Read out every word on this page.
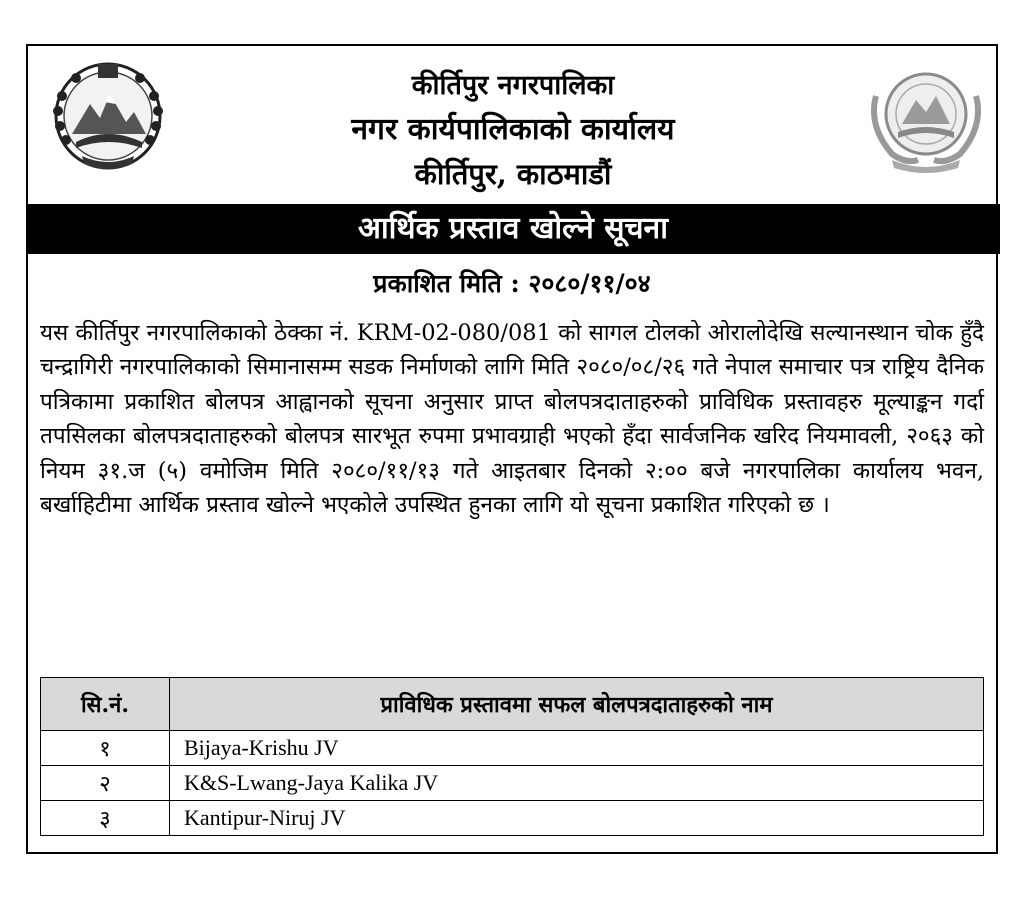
कीर्तिपुर नगरपालिका
नगर कार्यपालिकाको कार्यालय
कीर्तिपुर, काठमाडौं
आर्थिक प्रस्ताव खोल्ने सूचना
प्रकाशित मिति : २०८०/११/०४
यस कीर्तिपुर नगरपालिकाको ठेक्का नं. KRM-02-080/081 को सागल टोलको ओरालोदेखि सल्यानस्थान चोक हुँदै चन्द्रागिरी नगरपालिकाको सिमानासम्म सडक निर्माणको लागि मिति २०८०/०८/२६ गते नेपाल समाचार पत्र राष्ट्रिय दैनिक पत्रिकामा प्रकाशित बोलपत्र आह्वानको सूचना अनुसार प्राप्त बोलपत्रदाताहरुको प्राविधिक प्रस्तावहरु मूल्याङ्कन गर्दा तपसिलका बोलपत्रदाताहरुको बोलपत्र सारभूत रुपमा प्रभावग्राही भएको हँदा सार्वजनिक खरिद नियमावली, २०६३ को नियम ३१.ज (५) वमोजिम मिति २०८०/११/१३ गते आइतबार दिनको २:०० बजे नगरपालिका कार्यालय भवन, बर्खाहिटीमा आर्थिक प्रस्ताव खोल्ने भएकोले उपस्थित हुनका लागि यो सूचना प्रकाशित गरिएको छ ।
सि.नं.	प्राविधिक प्रस्तावमा सफल बोलपत्रदाताहरुको नाम
१	Bijaya-Krishu JV
२	K&S-Lwang-Jaya Kalika JV
३	Kantipur-Niruj JV
